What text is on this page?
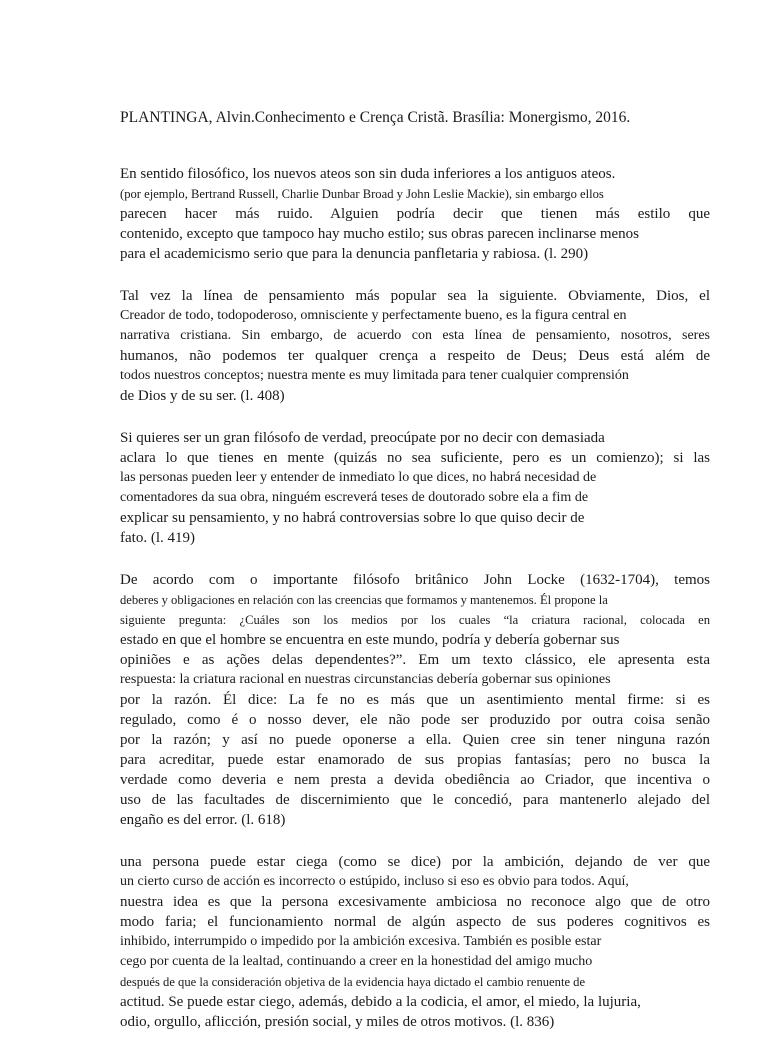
PLANTINGA, Alvin.Conhecimento e Crença Cristã. Brasília: Monergismo, 2016.

En sentido filosófico, los nuevos ateos son sin duda inferiores a los antiguos ateos.
(por ejemplo, Bertrand Russell, Charlie Dunbar Broad y John Leslie Mackie), sin embargo ellos
parecen hacer más ruido. Alguien podría decir que tienen más estilo que
contenido, excepto que tampoco hay mucho estilo; sus obras parecen inclinarse menos
para el academicismo serio que para la denuncia panfletaria y rabiosa. (l. 290)
Tal vez la línea de pensamiento más popular sea la siguiente. Obviamente, Dios, el
Creador de todo, todopoderoso, omnisciente y perfectamente bueno, es la figura central en
narrativa cristiana. Sin embargo, de acuerdo con esta línea de pensamiento, nosotros, seres
humanos, não podemos ter qualquer crença a respeito de Deus; Deus está além de
todos nuestros conceptos; nuestra mente es muy limitada para tener cualquier comprensión
de Dios y de su ser. (l. 408)
Si quieres ser un gran filósofo de verdad, preocúpate por no decir con demasiada
aclara lo que tienes en mente (quizás no sea suficiente, pero es un comienzo); si las
las personas pueden leer y entender de inmediato lo que dices, no habrá necesidad de
comentadores da sua obra, ninguém escreverá teses de doutorado sobre ela a fim de
explicar su pensamiento, y no habrá controversias sobre lo que quiso decir de
fato. (l. 419)
De acordo com o importante filósofo britânico John Locke (1632-1704), temos
deberes y obligaciones en relación con las creencias que formamos y mantenemos. Él propone la
siguiente pregunta: ¿Cuáles son los medios por los cuales “la criatura racional, colocada en
estado en que el hombre se encuentra en este mundo, podría y debería gobernar sus
opiniões e as ações delas dependentes?”. Em um texto clássico, ele apresenta esta
respuesta: la criatura racional en nuestras circunstancias debería gobernar sus opiniones
por la razón. Él dice: La fe no es más que un asentimiento mental firme: si es
regulado, como é o nosso dever, ele não pode ser produzido por outra coisa senão
por la razón; y así no puede oponerse a ella. Quien cree sin tener ninguna razón
para acreditar, puede estar enamorado de sus propias fantasías; pero no busca la
verdade como deveria e nem presta a devida obediência ao Criador, que incentiva o
uso de las facultades de discernimiento que le concedió, para mantenerlo alejado del
engaño es del error. (l. 618)
una persona puede estar ciega (como se dice) por la ambición, dejando de ver que
un cierto curso de acción es incorrecto o estúpido, incluso si eso es obvio para todos. Aquí,
nuestra idea es que la persona excesivamente ambiciosa no reconoce algo que de otro
modo faria; el funcionamiento normal de algún aspecto de sus poderes cognitivos es
inhibido, interrumpido o impedido por la ambición excesiva. También es posible estar
cego por cuenta de la lealtad, continuando a creer en la honestidad del amigo mucho
después de que la consideración objetiva de la evidencia haya dictado el cambio renuente de
actitud. Se puede estar ciego, además, debido a la codicia, el amor, el miedo, la lujuria,
odio, orgullo, aflicción, presión social, y miles de otros motivos. (l. 836)
